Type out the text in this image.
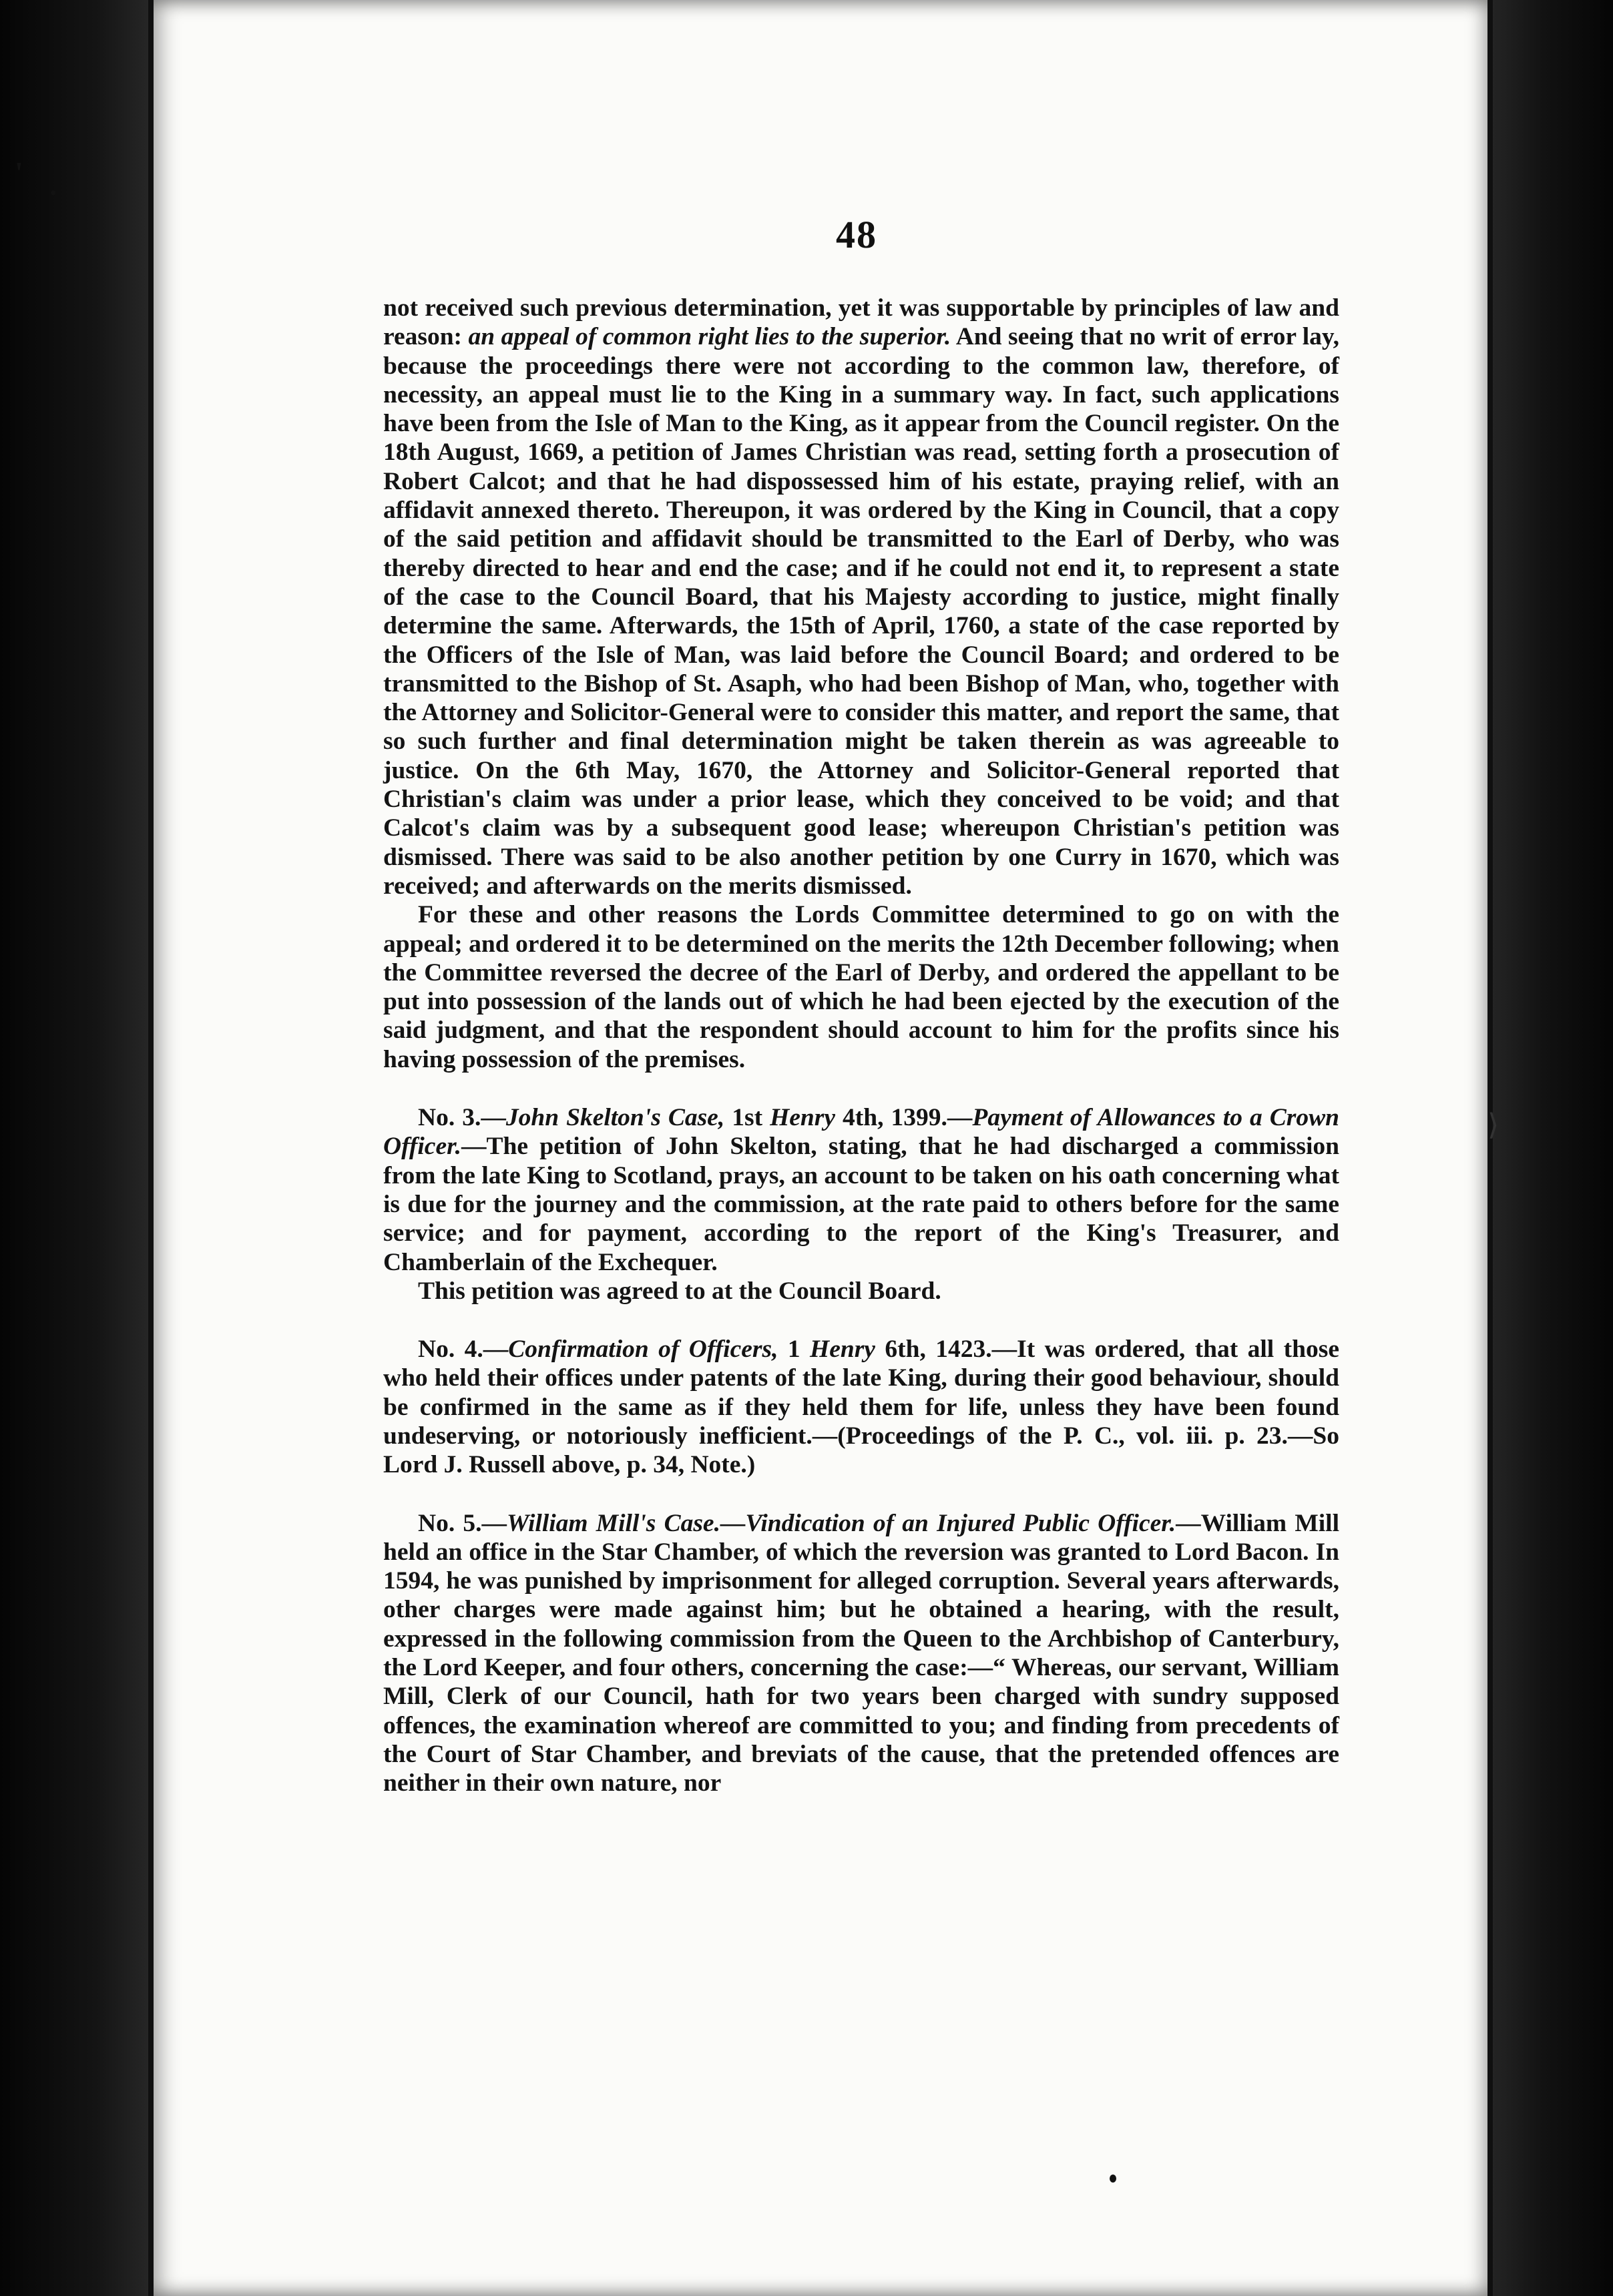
'
·
48

not received such previous determination, yet it was supportable by principles of law and reason: an appeal of common right lies to the superior. And seeing that no writ of error lay, because the proceedings there were not according to the common law, therefore, of necessity, an appeal must lie to the King in a summary way. In fact, such applications have been from the Isle of Man to the King, as it appear from the Council register. On the 18th August, 1669, a petition of James Christian was read, setting forth a prosecution of Robert Calcot; and that he had dispossessed him of his estate, praying relief, with an affidavit annexed thereto. Thereupon, it was ordered by the King in Council, that a copy of the said petition and affidavit should be transmitted to the Earl of Derby, who was thereby directed to hear and end the case; and if he could not end it, to represent a state of the case to the Council Board, that his Majesty according to justice, might finally determine the same. Afterwards, the 15th of April, 1760, a state of the case reported by the Officers of the Isle of Man, was laid before the Council Board; and ordered to be transmitted to the Bishop of St. Asaph, who had been Bishop of Man, who, together with the Attorney and Solicitor-General were to consider this matter, and report the same, that so such further and final determination might be taken therein as was agreeable to justice. On the 6th May, 1670, the Attorney and Solicitor-General reported that Christian's claim was under a prior lease, which they conceived to be void; and that Calcot's claim was by a subsequent good lease; whereupon Christian's petition was dismissed. There was said to be also another petition by one Curry in 1670, which was received; and afterwards on the merits dismissed.

For these and other reasons the Lords Committee determined to go on with the appeal; and ordered it to be determined on the merits the 12th December following; when the Committee reversed the decree of the Earl of Derby, and ordered the appellant to be put into possession of the lands out of which he had been ejected by the execution of the said judgment, and that the respondent should account to him for the profits since his having possession of the premises.

No. 3.—John Skelton's Case, 1st Henry 4th, 1399.—Payment of Allowances to a Crown Officer.—The petition of John Skelton, stating, that he had discharged a commission from the late King to Scotland, prays, an account to be taken on his oath concerning what is due for the journey and the commission, at the rate paid to others before for the same service; and for payment, according to the report of the King's Treasurer, and Chamberlain of the Exchequer.

This petition was agreed to at the Council Board.

No. 4.—Confirmation of Officers, 1 Henry 6th, 1423.—It was ordered, that all those who held their offices under patents of the late King, during their good behaviour, should be confirmed in the same as if they held them for life, unless they have been found undeserving, or notoriously inefficient.—(Proceedings of the P. C., vol. iii. p. 23.—So Lord J. Russell above, p. 34, Note.)

No. 5.—William Mill's Case.—Vindication of an Injured Public Officer.—William Mill held an office in the Star Chamber, of which the reversion was granted to Lord Bacon. In 1594, he was punished by imprisonment for alleged corruption. Several years afterwards, other charges were made against him; but he obtained a hearing, with the result, expressed in the following commission from the Queen to the Archbishop of Canterbury, the Lord Keeper, and four others, concerning the case:—“ Whereas, our servant, William Mill, Clerk of our Council, hath for two years been charged with sundry supposed offences, the examination whereof are committed to you; and finding from precedents of the Court of Star Chamber, and breviats of the cause, that the pretended offences are neither in their own nature, nor

⟩
